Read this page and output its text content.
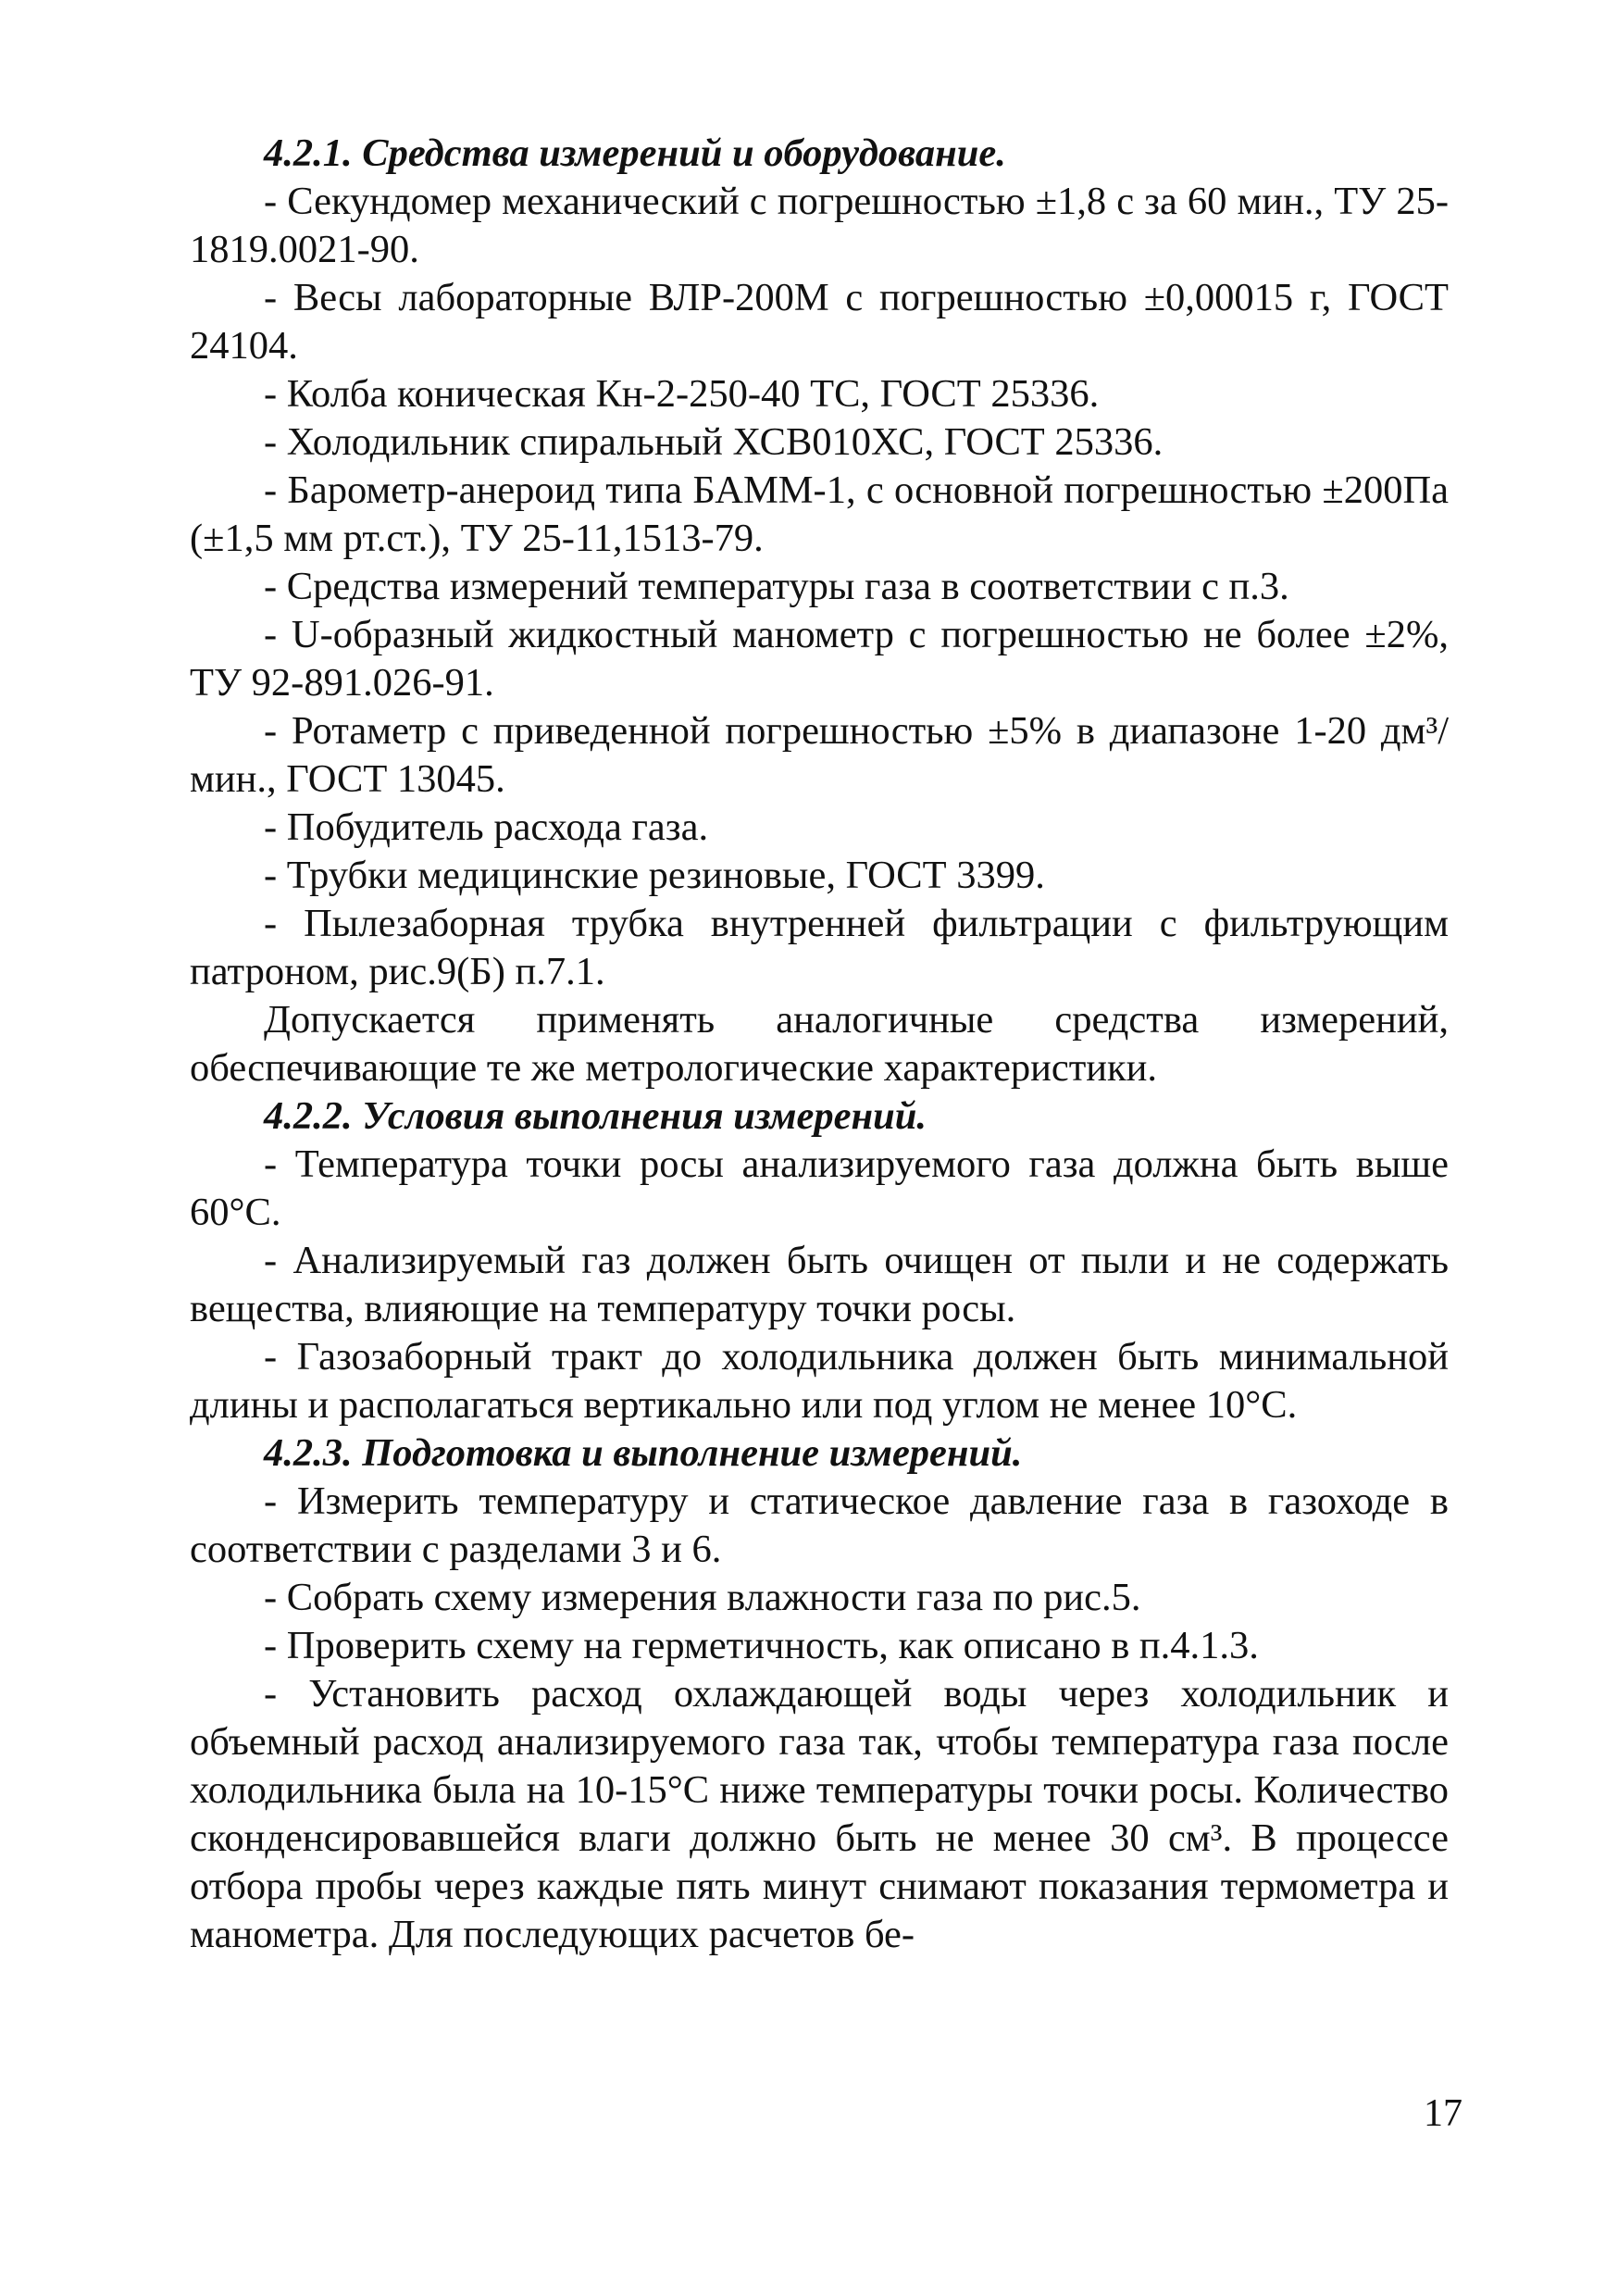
4.2.1. Средства измерений и оборудование.

- Секундомер механический с погрешностью ±1,8 с за 60 мин., ТУ 25-1819.0021-90.

- Весы лабораторные ВЛР-200М с погрешностью ±0,00015 г, ГОСТ 24104.

- Колба коническая Кн-2-250-40 ТС, ГОСТ 25336.

- Холодильник спиральный ХСВ010ХС, ГОСТ 25336.

- Барометр-анероид типа БАММ-1, с основной погрешностью ±200Па (±1,5 мм рт.ст.), ТУ 25-11,1513-79.

- Средства измерений температуры газа в соответствии с п.3.

- U-образный жидкостный манометр с погрешностью не более ±2%, ТУ 92-891.026-91.

- Ротаметр с приведенной погрешностью ±5% в диапазоне 1-20 дм³/мин., ГОСТ 13045.

- Побудитель расхода газа.

- Трубки медицинские резиновые, ГОСТ 3399.

- Пылезаборная трубка внутренней фильтрации с фильтрующим патроном, рис.9(Б) п.7.1.

Допускается применять аналогичные средства измерений, обеспечивающие те же метрологические характеристики.

4.2.2. Условия выполнения измерений.

- Температура точки росы анализируемого газа должна быть выше 60°С.

- Анализируемый газ должен быть очищен от пыли и не содержать вещества, влияющие на температуру точки росы.

- Газозаборный тракт до холодильника должен быть минимальной длины и располагаться вертикально или под углом не менее 10°С.

4.2.3. Подготовка и выполнение измерений.

- Измерить температуру и статическое давление газа в газоходе в соответствии с разделами 3 и 6.

- Собрать схему измерения влажности газа по рис.5.

- Проверить схему на герметичность, как описано в п.4.1.3.

- Установить расход охлаждающей воды через холодильник и объемный расход анализируемого газа так, чтобы температура газа после холодильника была на 10-15°С ниже температуры точки росы. Количество сконденсировавшейся влаги должно быть не менее 30 см³. В процессе отбора пробы через каждые пять минут снимают показания термометра и манометра. Для последующих расчетов бе-

17
